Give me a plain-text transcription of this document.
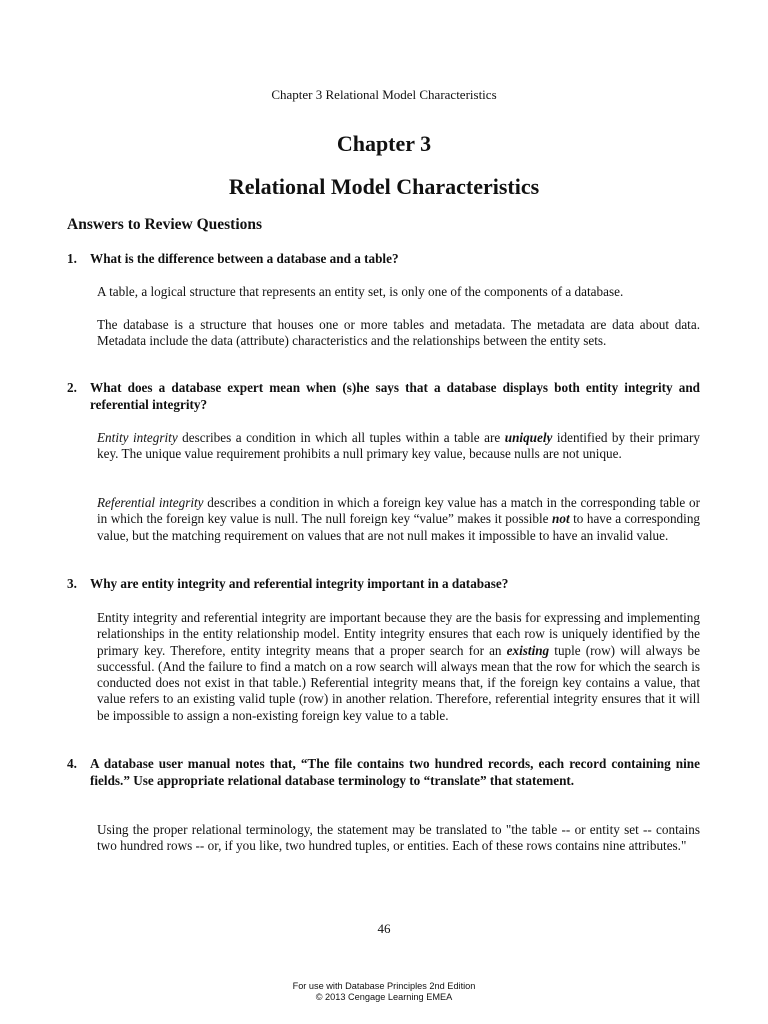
Chapter 3 Relational Model Characteristics
Chapter 3
Relational Model Characteristics
Answers to Review Questions
1. What is the difference between a database and a table?
A table, a logical structure that represents an entity set, is only one of the components of a database.
The database is a structure that houses one or more tables and metadata. The metadata are data about data. Metadata include the data (attribute) characteristics and the relationships between the entity sets.
2. What does a database expert mean when (s)he says that a database displays both entity integrity and referential integrity?
Entity integrity describes a condition in which all tuples within a table are uniquely identified by their primary key. The unique value requirement prohibits a null primary key value, because nulls are not unique.
Referential integrity describes a condition in which a foreign key value has a match in the corresponding table or in which the foreign key value is null. The null foreign key “value” makes it possible not to have a corresponding value, but the matching requirement on values that are not null makes it impossible to have an invalid value.
3. Why are entity integrity and referential integrity important in a database?
Entity integrity and referential integrity are important because they are the basis for expressing and implementing relationships in the entity relationship model. Entity integrity ensures that each row is uniquely identified by the primary key. Therefore, entity integrity means that a proper search for an existing tuple (row) will always be successful. (And the failure to find a match on a row search will always mean that the row for which the search is conducted does not exist in that table.) Referential integrity means that, if the foreign key contains a value, that value refers to an existing valid tuple (row) in another relation. Therefore, referential integrity ensures that it will be impossible to assign a non-existing foreign key value to a table.
4. A database user manual notes that, “The file contains two hundred records, each record containing nine fields.” Use appropriate relational database terminology to “translate” that statement.
Using the proper relational terminology, the statement may be translated to "the table -- or entity set -- contains two hundred rows -- or, if you like, two hundred tuples, or entities. Each of these rows contains nine attributes."
46
For use with Database Principles 2nd Edition
© 2013 Cengage Learning EMEA
